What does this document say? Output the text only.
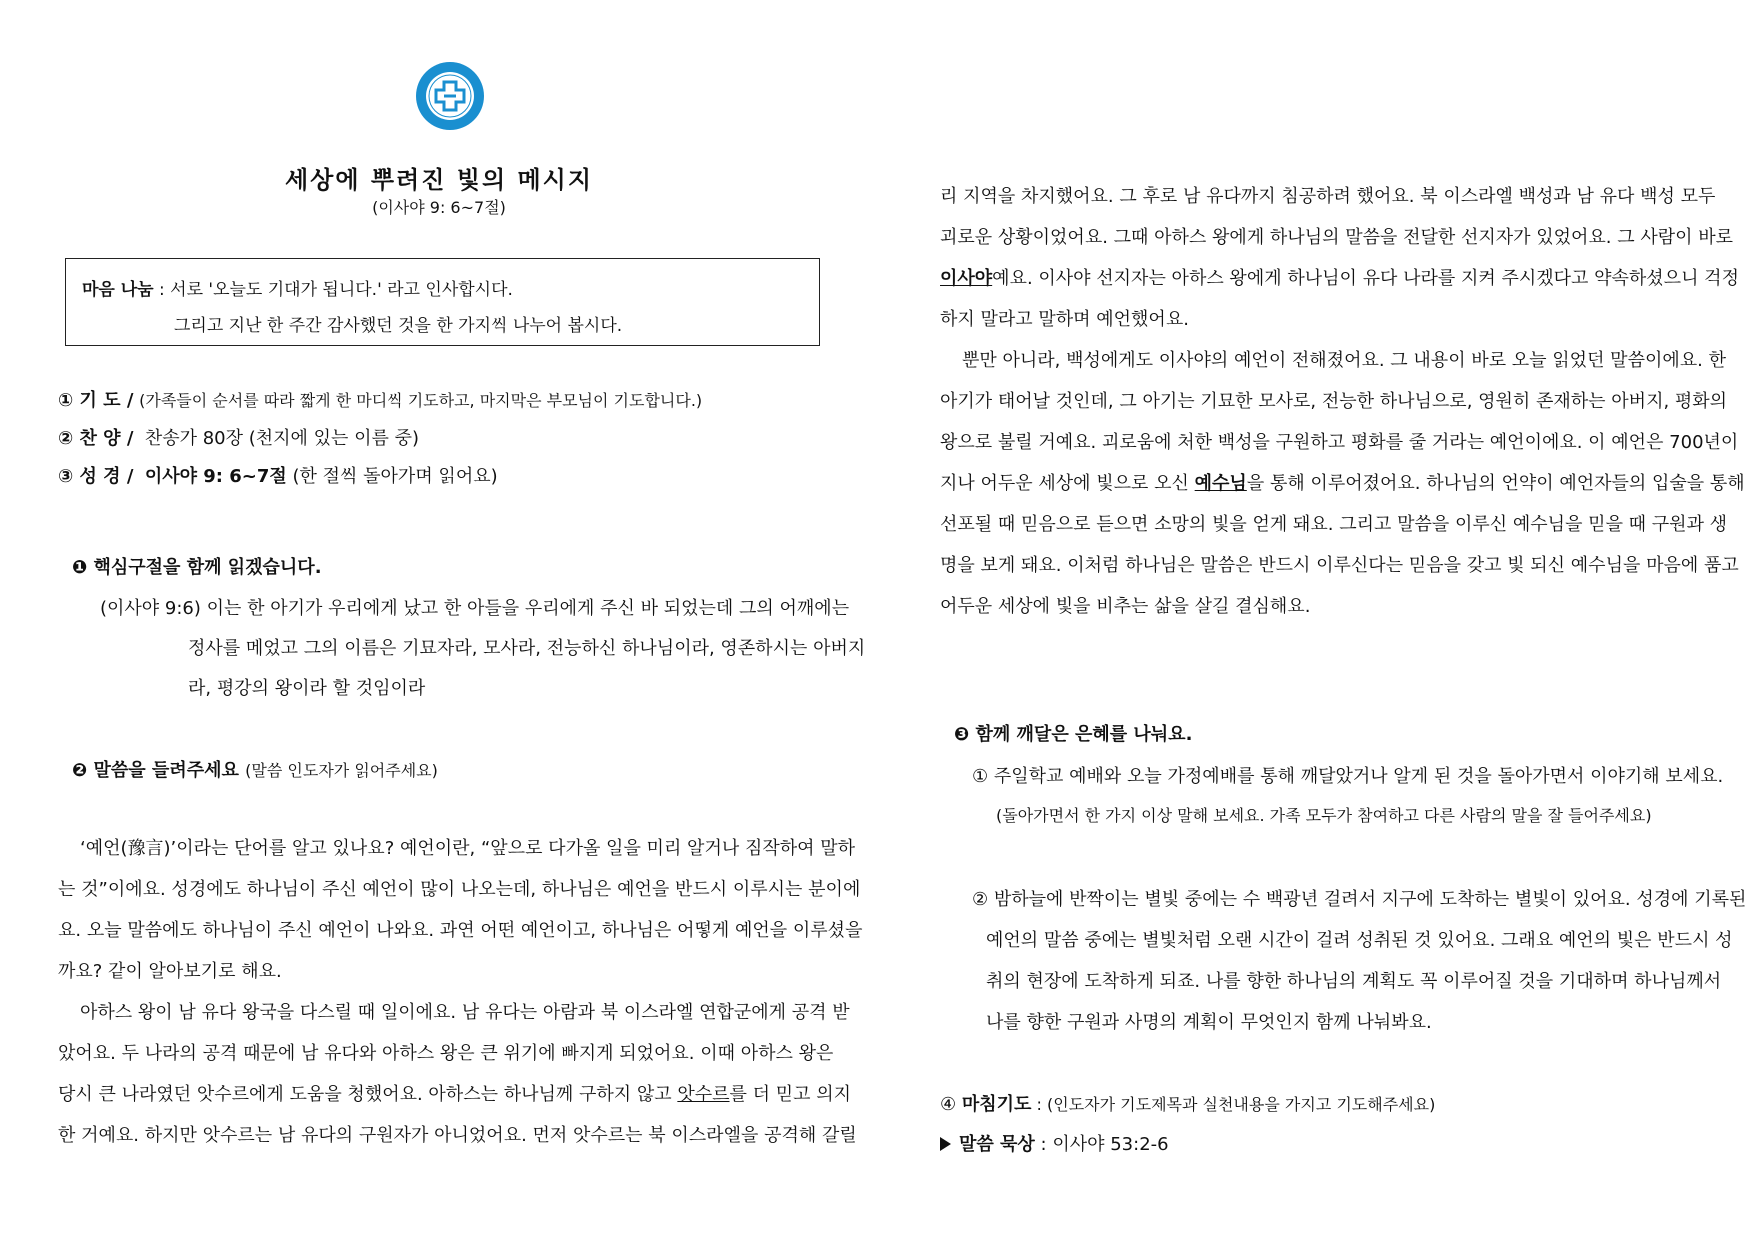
세상에 뿌려진 빛의 메시지
(이사야 9: 6~7절)
마음 나눔 : 서로 '오늘도 기대가 됩니다.' 라고 인사합시다.
그리고 지난 한 주간 감사했던 것을 한 가지씩 나누어 봅시다.
① 기 도 / (가족들이 순서를 따라 짧게 한 마디씩 기도하고, 마지막은 부모님이 기도합니다.)
② 찬 양 / 찬송가 80장 (천지에 있는 이름 중)
③ 성 경 / 이사야 9: 6~7절 (한 절씩 돌아가며 읽어요)
❶ 핵심구절을 함께 읽겠습니다.
(이사야 9:6) 이는 한 아기가 우리에게 났고 한 아들을 우리에게 주신 바 되었는데 그의 어깨에는
정사를 메었고 그의 이름은 기묘자라, 모사라, 전능하신 하나님이라, 영존하시는 아버지
라, 평강의 왕이라 할 것임이라
❷ 말씀을 들려주세요 (말씀 인도자가 읽어주세요)
‘예언(豫言)’이라는 단어를 알고 있나요? 예언이란, “앞으로 다가올 일을 미리 알거나 짐작하여 말하
는 것”이에요. 성경에도 하나님이 주신 예언이 많이 나오는데, 하나님은 예언을 반드시 이루시는 분이에
요. 오늘 말씀에도 하나님이 주신 예언이 나와요. 과연 어떤 예언이고, 하나님은 어떻게 예언을 이루셨을
까요? 같이 알아보기로 해요.
아하스 왕이 남 유다 왕국을 다스릴 때 일이에요. 남 유다는 아람과 북 이스라엘 연합군에게 공격 받
았어요. 두 나라의 공격 때문에 남 유다와 아하스 왕은 큰 위기에 빠지게 되었어요. 이때 아하스 왕은
당시 큰 나라였던 앗수르에게 도움을 청했어요. 아하스는 하나님께 구하지 않고 앗수르를 더 믿고 의지
한 거예요. 하지만 앗수르는 남 유다의 구원자가 아니었어요. 먼저 앗수르는 북 이스라엘을 공격해 갈릴
리 지역을 차지했어요. 그 후로 남 유다까지 침공하려 했어요. 북 이스라엘 백성과 남 유다 백성 모두
괴로운 상황이었어요. 그때 아하스 왕에게 하나님의 말씀을 전달한 선지자가 있었어요. 그 사람이 바로
이사야예요. 이사야 선지자는 아하스 왕에게 하나님이 유다 나라를 지켜 주시겠다고 약속하셨으니 걱정
하지 말라고 말하며 예언했어요.
뿐만 아니라, 백성에게도 이사야의 예언이 전해졌어요. 그 내용이 바로 오늘 읽었던 말씀이에요. 한
아기가 태어날 것인데, 그 아기는 기묘한 모사로, 전능한 하나님으로, 영원히 존재하는 아버지, 평화의
왕으로 불릴 거예요. 괴로움에 처한 백성을 구원하고 평화를 줄 거라는 예언이에요. 이 예언은 700년이
지나 어두운 세상에 빛으로 오신 예수님을 통해 이루어졌어요. 하나님의 언약이 예언자들의 입술을 통해
선포될 때 믿음으로 듣으면 소망의 빛을 얻게 돼요. 그리고 말씀을 이루신 예수님을 믿을 때 구원과 생
명을 보게 돼요. 이처럼 하나님은 말씀은 반드시 이루신다는 믿음을 갖고 빛 되신 예수님을 마음에 품고
어두운 세상에 빛을 비추는 삶을 살길 결심해요.
❸ 함께 깨달은 은혜를 나눠요.
① 주일학교 예배와 오늘 가정예배를 통해 깨달았거나 알게 된 것을 돌아가면서 이야기해 보세요.
(돌아가면서 한 가지 이상 말해 보세요. 가족 모두가 참여하고 다른 사람의 말을 잘 들어주세요)
② 밤하늘에 반짝이는 별빛 중에는 수 백광년 걸려서 지구에 도착하는 별빛이 있어요. 성경에 기록된
예언의 말씀 중에는 별빛처럼 오랜 시간이 걸려 성취된 것 있어요. 그래요 예언의 빛은 반드시 성
취의 현장에 도착하게 되죠. 나를 향한 하나님의 계획도 꼭 이루어질 것을 기대하며 하나님께서
나를 향한 구원과 사명의 계획이 무엇인지 함께 나눠봐요.
④ 마침기도 : (인도자가 기도제목과 실천내용을 가지고 기도해주세요)
말씀 묵상 : 이사야 53:2-6
